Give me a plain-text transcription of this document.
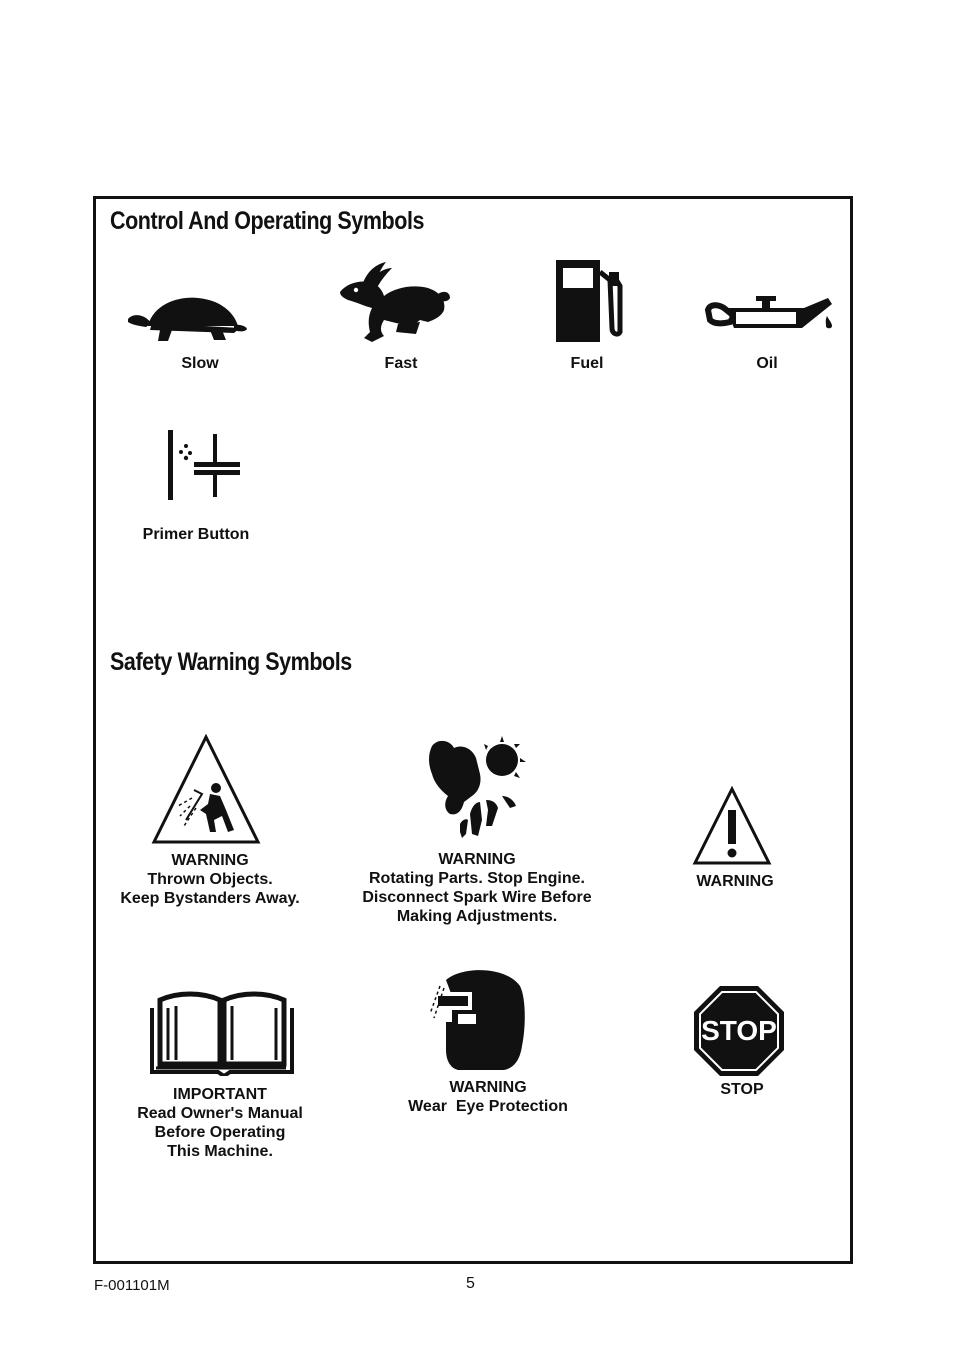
Control And Operating Symbols
Slow	Fast	Fuel	Oil
Primer Button
Safety Warning Symbols
WARNING
Thrown Objects.
Keep Bystanders Away.
WARNING
Rotating Parts. Stop Engine.
Disconnect Spark Wire Before
Making Adjustments.
WARNING
IMPORTANT
Read Owner's Manual
Before Operating
This Machine.
WARNING
Wear  Eye Protection
STOP
STOP
F-001101M	5
